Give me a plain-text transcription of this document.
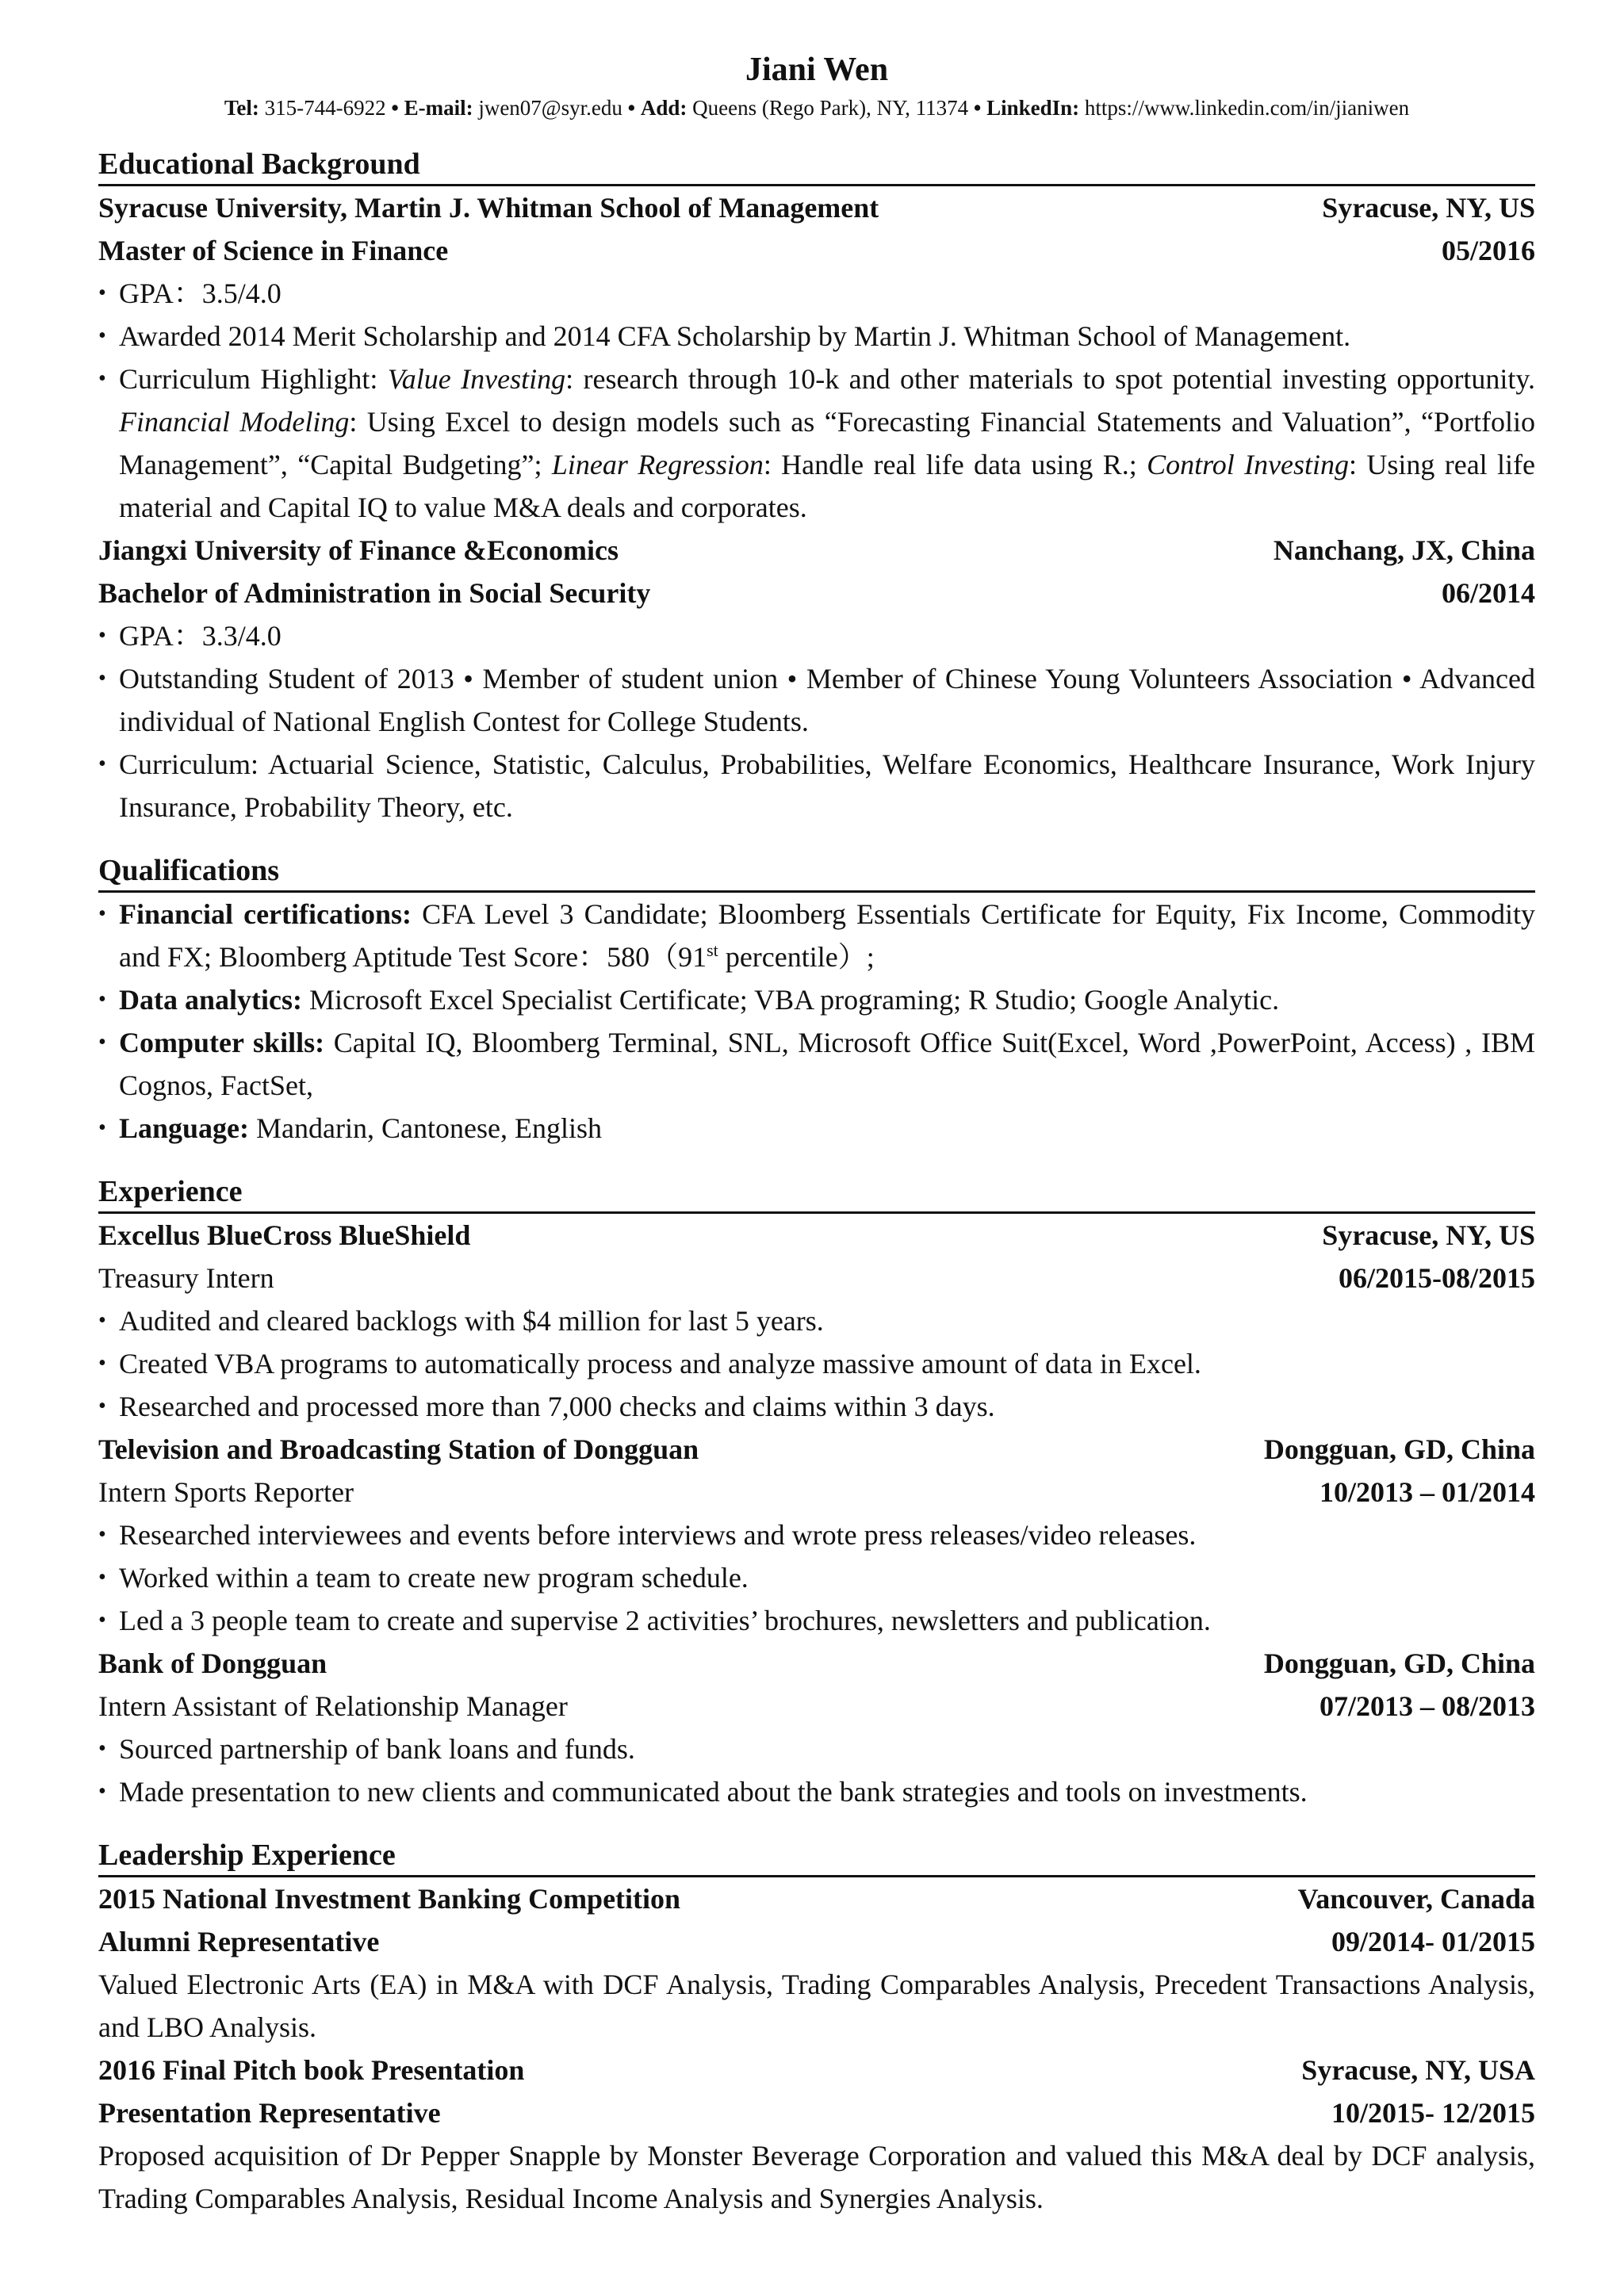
Jiani Wen
Tel: 315-744-6922 • E-mail: jwen07@syr.edu • Add: Queens (Rego Park), NY, 11374 • LinkedIn: https://www.linkedin.com/in/jianiwen
Educational Background
Syracuse University, Martin J. Whitman School of Management	Syracuse, NY, US
Master of Science in Finance	05/2016
• GPA：3.5/4.0
• Awarded 2014 Merit Scholarship and 2014 CFA Scholarship by Martin J. Whitman School of Management.
• Curriculum Highlight: Value Investing: research through 10-k and other materials to spot potential investing opportunity. Financial Modeling: Using Excel to design models such as “Forecasting Financial Statements and Valuation”, “Portfolio Management”, “Capital Budgeting”; Linear Regression: Handle real life data using R.; Control Investing: Using real life material and Capital IQ to value M&A deals and corporates.
Jiangxi University of Finance &Economics	Nanchang, JX, China
Bachelor of Administration in Social Security	06/2014
• GPA：3.3/4.0
• Outstanding Student of 2013 • Member of student union • Member of Chinese Young Volunteers Association • Advanced individual of National English Contest for College Students.
• Curriculum: Actuarial Science, Statistic, Calculus, Probabilities, Welfare Economics, Healthcare Insurance, Work Injury Insurance, Probability Theory, etc.
Qualifications
• Financial certifications: CFA Level 3 Candidate; Bloomberg Essentials Certificate for Equity, Fix Income, Commodity and FX; Bloomberg Aptitude Test Score：580（91st percentile）;
• Data analytics: Microsoft Excel Specialist Certificate; VBA programing; R Studio; Google Analytic.
• Computer skills: Capital IQ, Bloomberg Terminal, SNL, Microsoft Office Suit(Excel, Word ,PowerPoint, Access) , IBM Cognos, FactSet,
• Language: Mandarin, Cantonese, English
Experience
Excellus BlueCross BlueShield	Syracuse, NY, US
Treasury Intern	06/2015-08/2015
• Audited and cleared backlogs with $4 million for last 5 years.
• Created VBA programs to automatically process and analyze massive amount of data in Excel.
• Researched and processed more than 7,000 checks and claims within 3 days.
Television and Broadcasting Station of Dongguan	Dongguan, GD, China
Intern Sports Reporter	10/2013 – 01/2014
• Researched interviewees and events before interviews and wrote press releases/video releases.
• Worked within a team to create new program schedule.
• Led a 3 people team to create and supervise 2 activities’ brochures, newsletters and publication.
Bank of Dongguan	Dongguan, GD, China
Intern Assistant of Relationship Manager	07/2013 – 08/2013
• Sourced partnership of bank loans and funds.
• Made presentation to new clients and communicated about the bank strategies and tools on investments.
Leadership Experience
2015 National Investment Banking Competition	Vancouver, Canada
Alumni Representative	09/2014- 01/2015
Valued Electronic Arts (EA) in M&A with DCF Analysis, Trading Comparables Analysis, Precedent Transactions Analysis, and LBO Analysis.
2016 Final Pitch book Presentation	Syracuse, NY, USA
Presentation Representative	10/2015- 12/2015
Proposed acquisition of Dr Pepper Snapple by Monster Beverage Corporation and valued this M&A deal by DCF analysis, Trading Comparables Analysis, Residual Income Analysis and Synergies Analysis.
